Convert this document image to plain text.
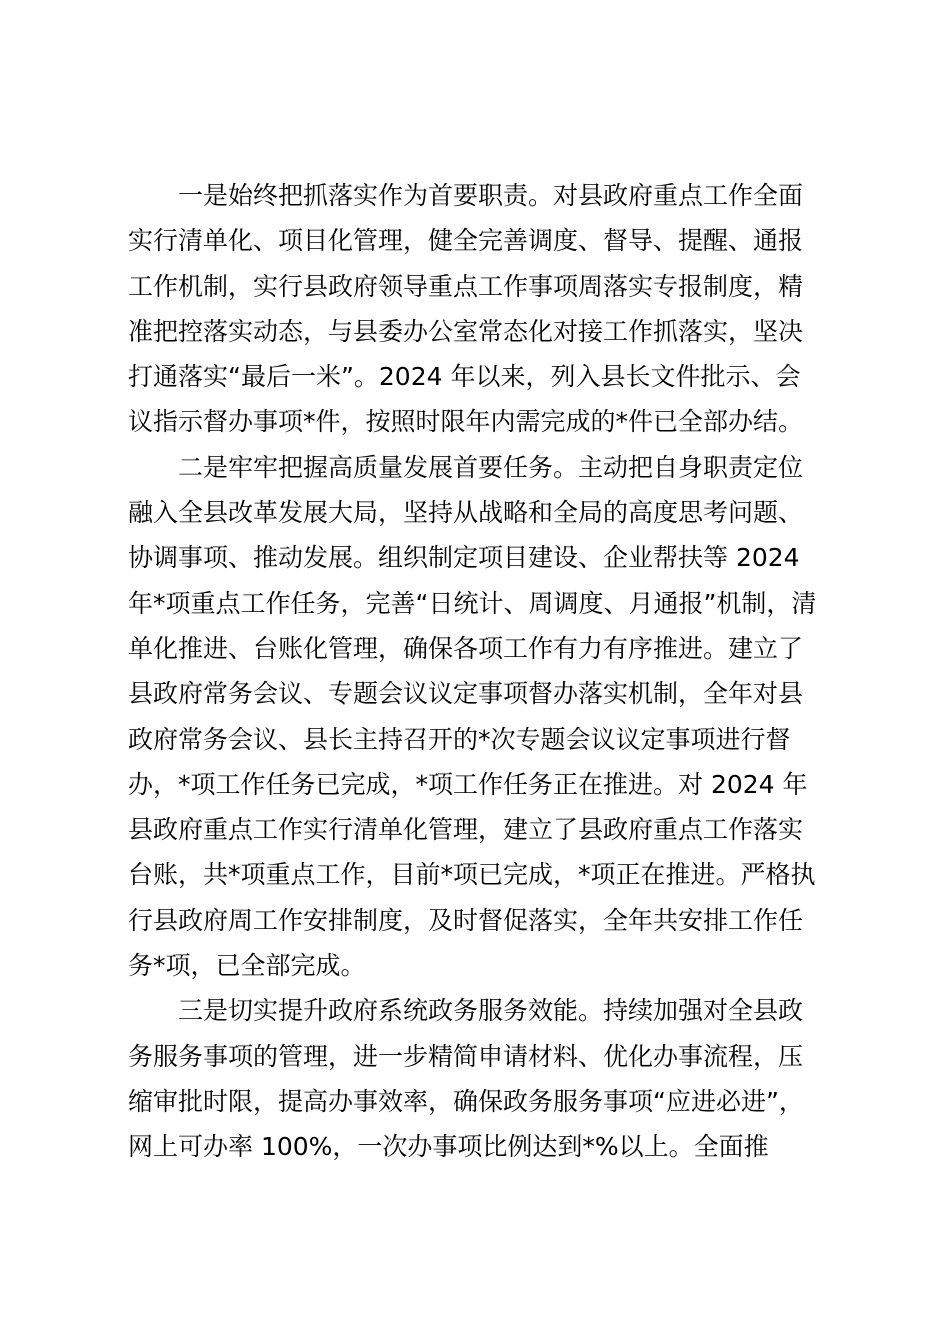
一是始终把抓落实作为首要职责。对县政府重点工作全面
实行清单化、项目化管理，健全完善调度、督导、提醒、通报
工作机制，实行县政府领导重点工作事项周落实专报制度，精
准把控落实动态，与县委办公室常态化对接工作抓落实，坚决
打通落实“最后一米”。2024 年以来，列入县长文件批示、会
议指示督办事项*件，按照时限年内需完成的*件已全部办结。
二是牢牢把握高质量发展首要任务。主动把自身职责定位
融入全县改革发展大局，坚持从战略和全局的高度思考问题、
协调事项、推动发展。组织制定项目建设、企业帮扶等 2024
年*项重点工作任务，完善“日统计、周调度、月通报”机制，清
单化推进、台账化管理，确保各项工作有力有序推进。建立了
县政府常务会议、专题会议议定事项督办落实机制，全年对县
政府常务会议、县长主持召开的*次专题会议议定事项进行督
办，*项工作任务已完成，*项工作任务正在推进。对 2024 年
县政府重点工作实行清单化管理，建立了县政府重点工作落实
台账，共*项重点工作，目前*项已完成，*项正在推进。严格执
行县政府周工作安排制度，及时督促落实，全年共安排工作任
务*项，已全部完成。
三是切实提升政府系统政务服务效能。持续加强对全县政
务服务事项的管理，进一步精简申请材料、优化办事流程，压
缩审批时限，提高办事效率，确保政务服务事项“应进必进”，
网上可办率 100%，一次办事项比例达到*%以上。全面推
